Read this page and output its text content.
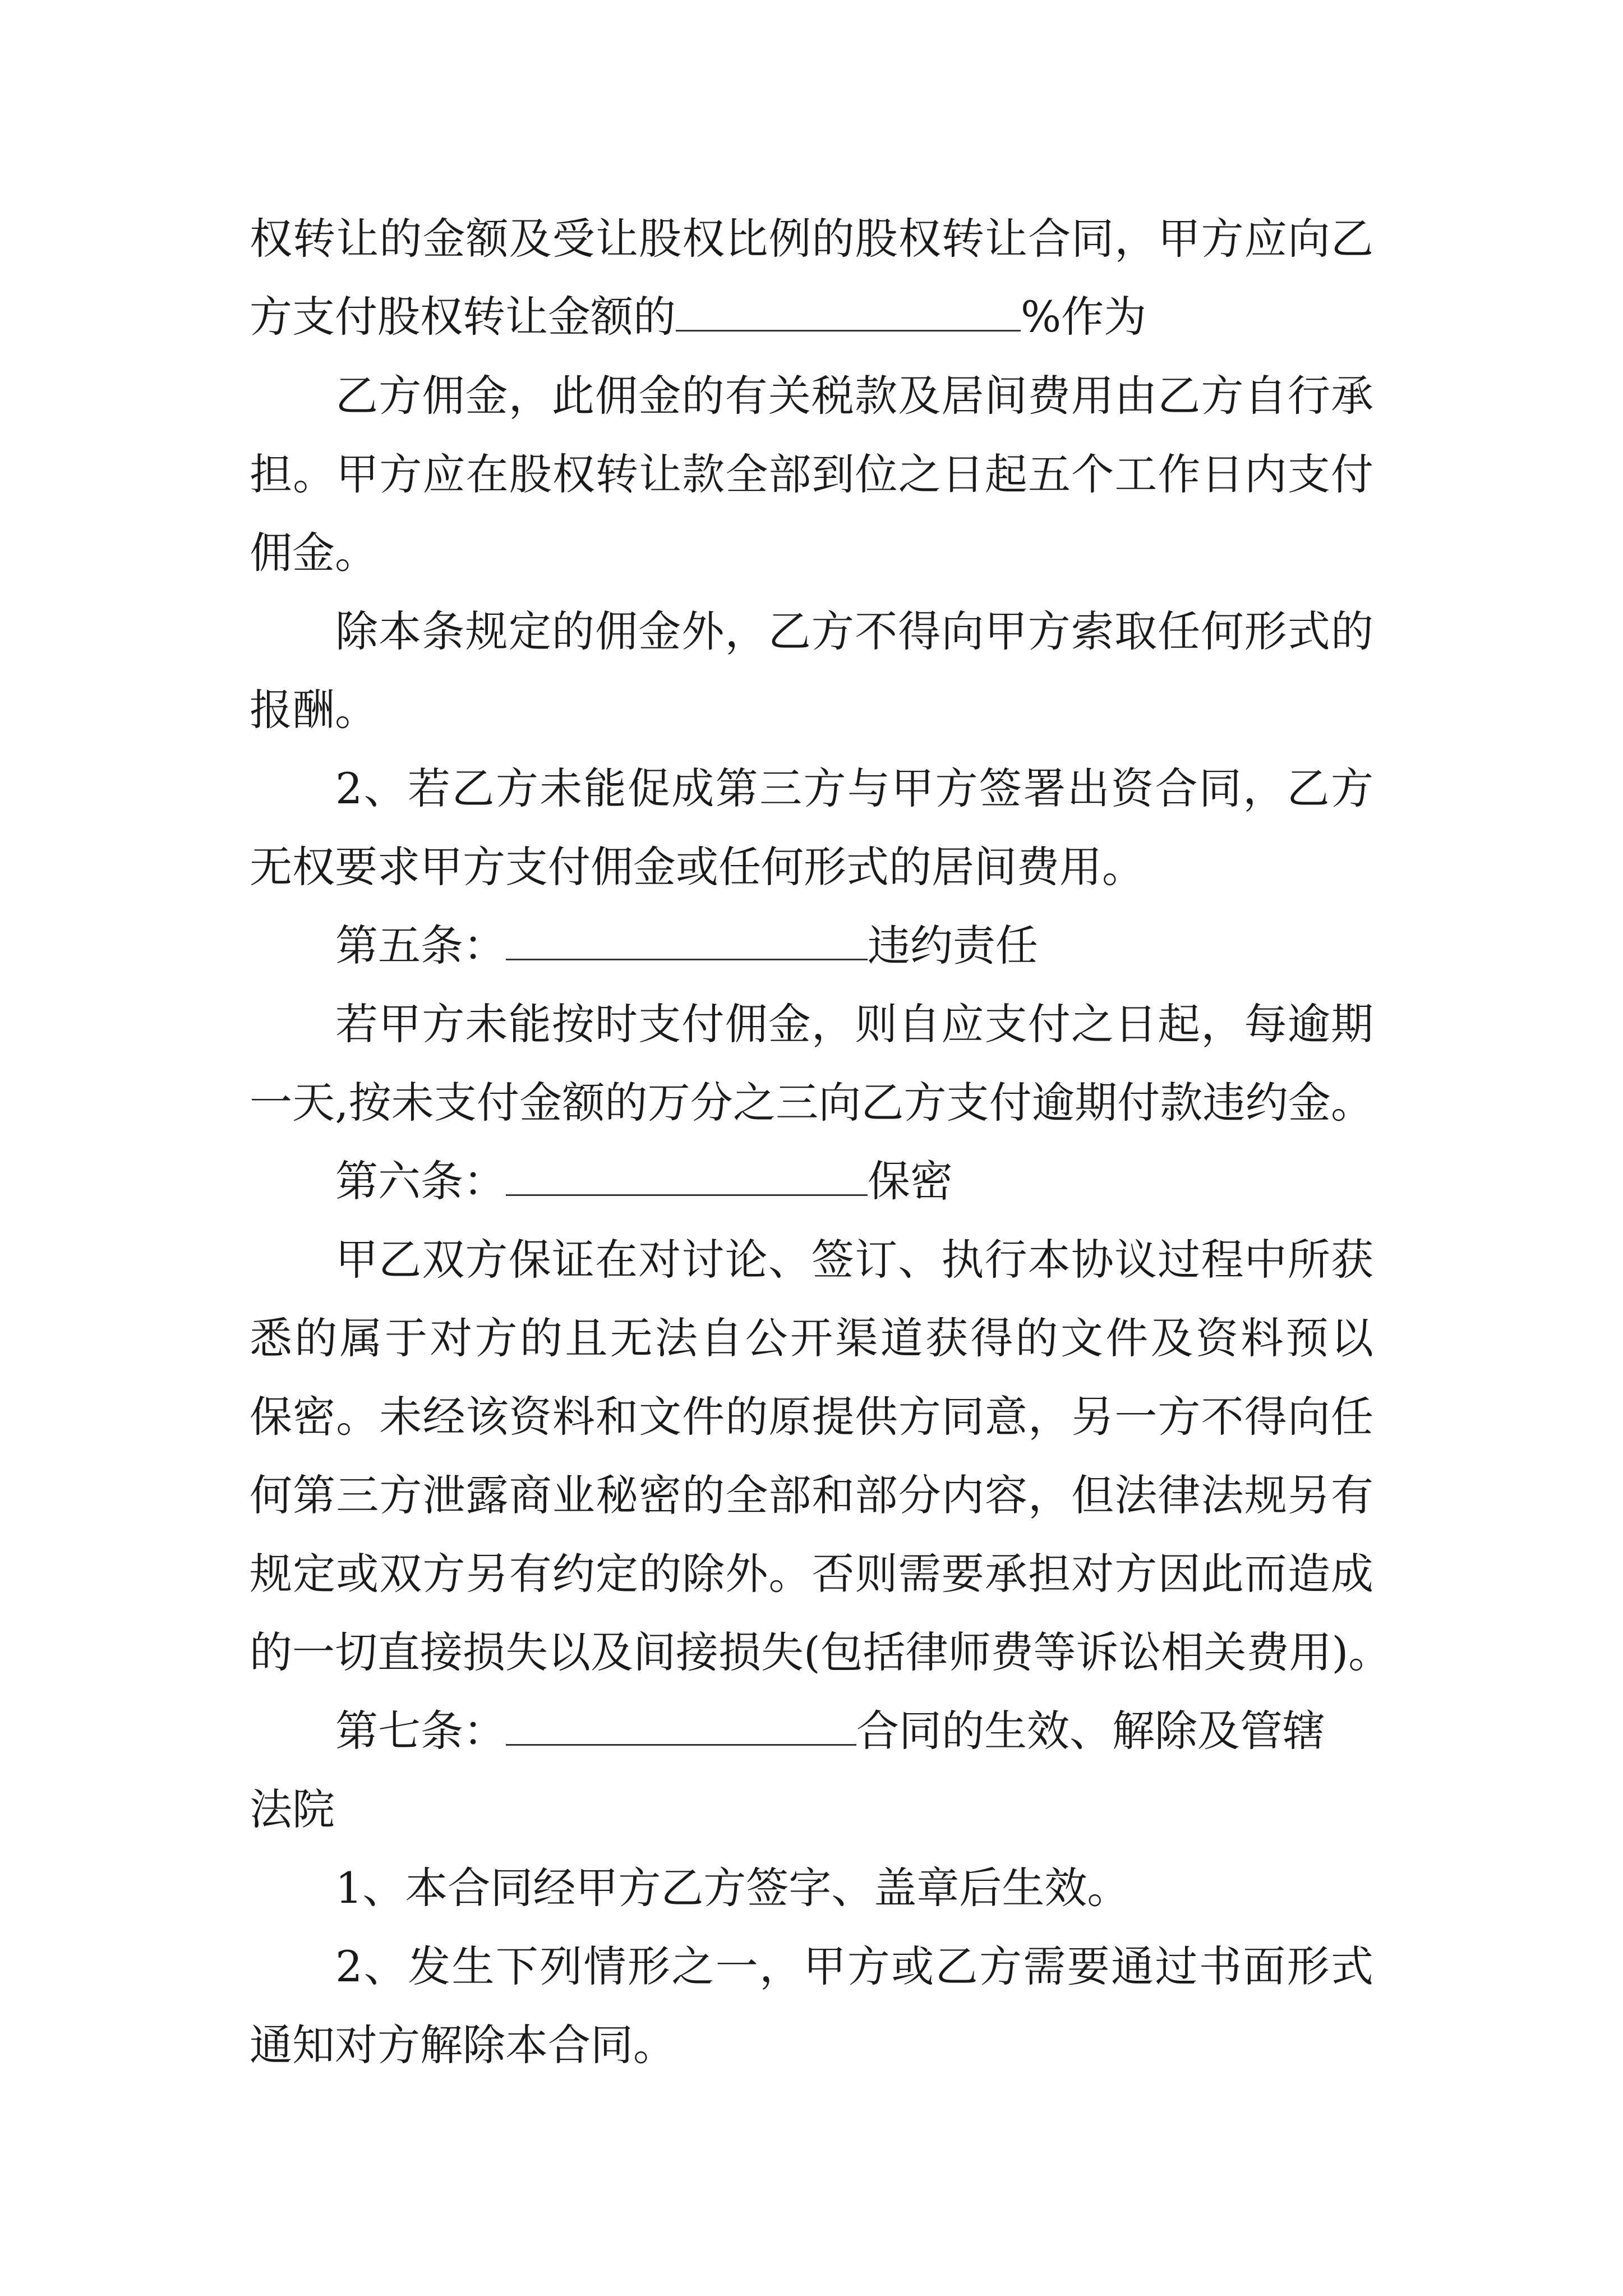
权转让的金额及受让股权比例的股权转让合同，甲方应向乙
方支付股权转让金额的	%作为
乙方佣金，此佣金的有关税款及居间费用由乙方自行承
担。甲方应在股权转让款全部到位之日起五个工作日内支付
佣金。
除本条规定的佣金外，乙方不得向甲方索取任何形式的
报酬。
2、若乙方未能促成第三方与甲方签署出资合同，乙方
无权要求甲方支付佣金或任何形式的居间费用。
第五条：	违约责任
若甲方未能按时支付佣金，则自应支付之日起，每逾期
一天,按未支付金额的万分之三向乙方支付逾期付款违约金。
第六条：	保密
甲乙双方保证在对讨论、签订、执行本协议过程中所获
悉的属于对方的且无法自公开渠道获得的文件及资料预以
保密。未经该资料和文件的原提供方同意，另一方不得向任
何第三方泄露商业秘密的全部和部分内容，但法律法规另有
规定或双方另有约定的除外。否则需要承担对方因此而造成
的一切直接损失以及间接损失(包括律师费等诉讼相关费用)。
第七条：	合同的生效、解除及管辖
法院
1、本合同经甲方乙方签字、盖章后生效。
2、发生下列情形之一，甲方或乙方需要通过书面形式
通知对方解除本合同。
